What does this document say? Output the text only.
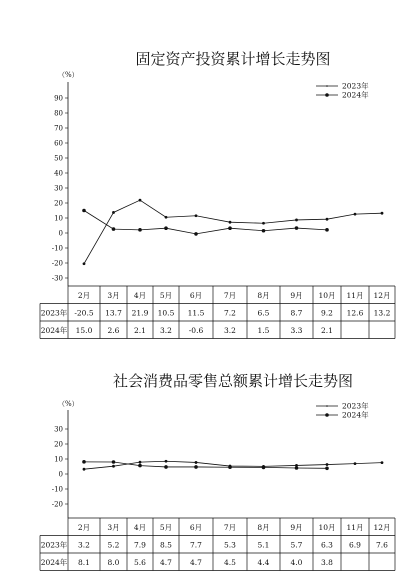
固定资产投资累计增长走势图
（%）
90
80
70
60
50
40
30
20
10
0
-10
-20
-30
2023年
2024年
2月 3月 4月 5月 6月	7月	8月	9月 10月 11月 12月
2023年 -20.5 13.7 21.9 10.5 11.5	7.2	6.5	8.7 9.2 12.6 13.2
2024年 15.0 2.6 2.1 3.2 -0.6	3.2	1.5	3.3 2.1
社会消费品零售总额累计增长走势图
（%）
30
20
10
0
-10
-20
2023年
2024年
2月 3月 4月 5月 6月	7月	8月	9月 10月 11月 12月
2023年 3.2 5.2 7.9 8.5 7.7	5.3	5.1	5.7 6.3 6.9 7.6
2024年 8.1 8.0 5.6 4.7 4.7	4.5	4.4	4.0 3.8
